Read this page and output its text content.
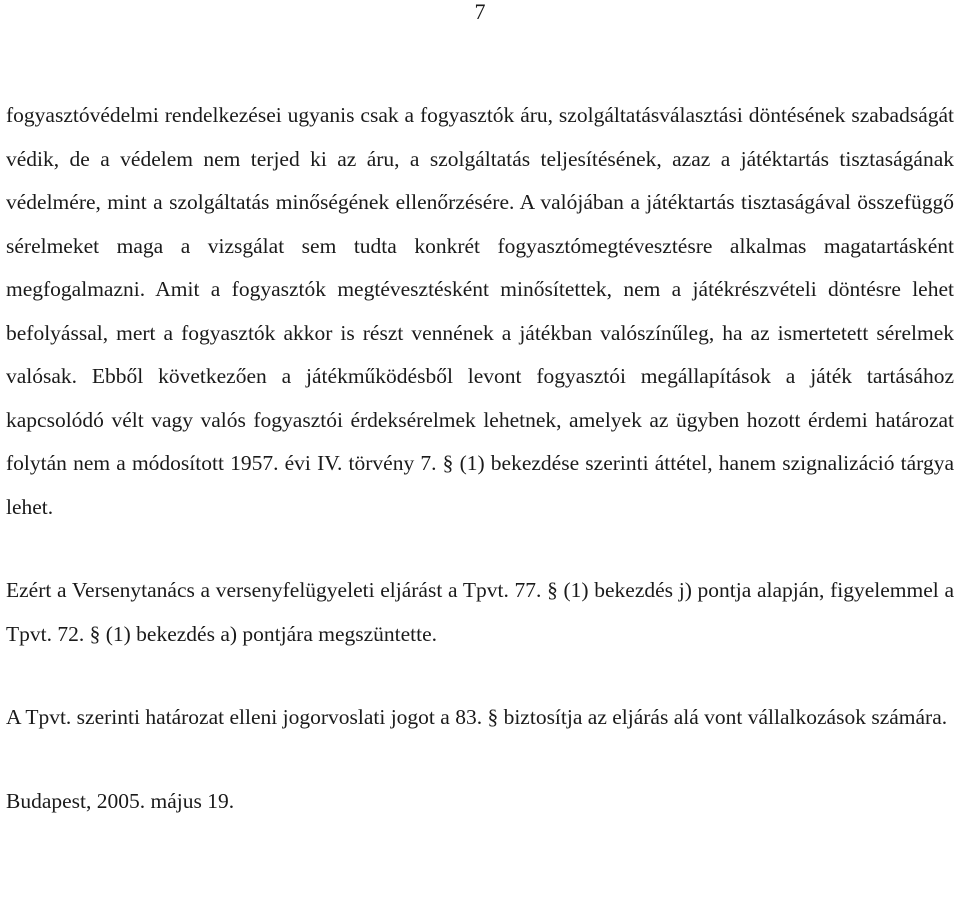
7

fogyasztóvédelmi rendelkezései ugyanis csak a fogyasztók áru, szolgáltatásválasztási döntésének szabadságát védik, de a védelem nem terjed ki az áru, a szolgáltatás teljesítésének, azaz a játéktartás tisztaságának védelmére, mint a szolgáltatás minőségének ellenőrzésére. A valójában a játéktartás tisztaságával összefüggő sérelmeket maga a vizsgálat sem tudta konkrét fogyasztómegtévesztésre alkalmas magatartásként megfogalmazni. Amit a fogyasztók megtévesztésként minősítettek, nem a játékrészvételi döntésre lehet befolyással, mert a fogyasztók akkor is részt vennének a játékban valószínűleg, ha az ismertetett sérelmek valósak. Ebből következően a játékműködésből levont fogyasztói megállapítások a játék tartásához kapcsolódó vélt vagy valós fogyasztói érdeksérelmek lehetnek, amelyek az ügyben hozott érdemi határozat folytán nem a módosított 1957. évi IV. törvény 7. § (1) bekezdése szerinti áttétel, hanem szignalizáció tárgya lehet.

Ezért a Versenytanács a versenyfelügyeleti eljárást a Tpvt. 77. § (1) bekezdés j) pontja alapján, figyelemmel a Tpvt. 72. § (1) bekezdés a) pontjára megszüntette.

A Tpvt. szerinti határozat elleni jogorvoslati jogot a 83. § biztosítja az eljárás alá vont vállalkozások számára.

Budapest, 2005. május 19.
